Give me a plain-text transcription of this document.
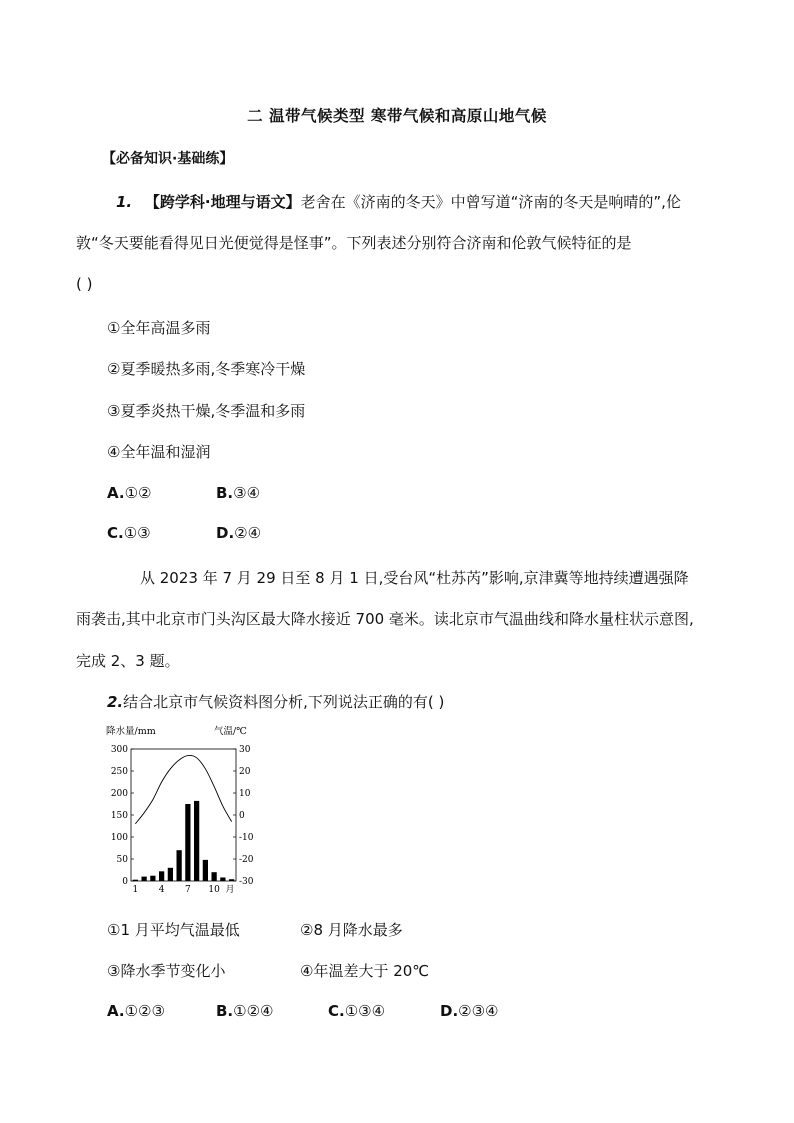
二 温带气候类型 寒带气候和高原山地气候
【必备知识·基础练】
1. 【跨学科·地理与语文】老舍在《济南的冬天》中曾写道“济南的冬天是响晴的”,伦
敦“冬天要能看得见日光便觉得是怪事”。下列表述分别符合济南和伦敦气候特征的是
( )
①全年高温多雨
②夏季暖热多雨,冬季寒冷干燥
③夏季炎热干燥,冬季温和多雨
④全年温和湿润
A.①②	B.③④
C.①③	D.②④
从 2023 年 7 月 29 日至 8 月 1 日,受台风“杜苏芮”影响,京津冀等地持续遭遇强降
雨袭击,其中北京市门头沟区最大降水接近 700 毫米。读北京市气温曲线和降水量柱状示意图,
完成 2、3 题。
2.结合北京市气候资料图分析,下列说法正确的有( )
降水量/mm	气温/℃
0
50
100
150
200
250
300
-30
-20
-10
0
10
20
30
1 4 7 10 月
①1 月平均气温最低	②8 月降水最多
③降水季节变化小	④年温差大于 20℃
A.①②③	B.①②④	C.①③④	D.②③④
